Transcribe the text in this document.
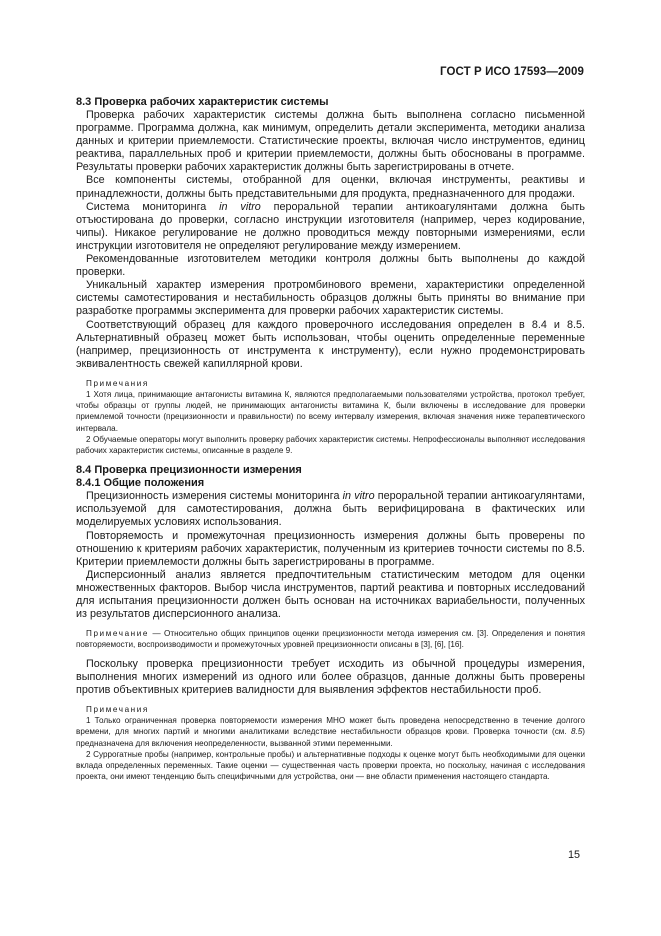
ГОСТ Р ИСО 17593—2009
8.3 Проверка рабочих характеристик системы

Проверка рабочих характеристик системы должна быть выполнена согласно письменной программе. Программа должна, как минимум, определить детали эксперимента, методики анализа данных и критерии приемлемости. Статистические проекты, включая число инструментов, единиц реактива, параллельных проб и критерии приемлемости, должны быть обоснованы в программе. Результаты проверки рабочих характеристик должны быть зарегистрированы в отчете.

Все компоненты системы, отобранной для оценки, включая инструменты, реактивы и принадлежности, должны быть представительными для продукта, предназначенного для продажи.

Система мониторинга in vitro пероральной терапии антикоагулянтами должна быть отъюстирована до проверки, согласно инструкции изготовителя (например, через кодирование, чипы). Никакое регулирование не должно проводиться между повторными измерениями, если инструкции изготовителя не определяют регулирование между измерением.

Рекомендованные изготовителем методики контроля должны быть выполнены до каждой проверки.

Уникальный характер измерения протромбинового времени, характеристики определенной системы самотестирования и нестабильность образцов должны быть приняты во внимание при разработке программы эксперимента для проверки рабочих характеристик системы.

Соответствующий образец для каждого проверочного исследования определен в 8.4 и 8.5. Альтернативный образец может быть использован, чтобы оценить определенные переменные (например, прецизионность от инструмента к инструменту), если нужно продемонстрировать эквивалентность свежей капиллярной крови.

Примечания

1 Хотя лица, принимающие антагонисты витамина К, являются предполагаемыми пользователями устройства, протокол требует, чтобы образцы от группы людей, не принимающих антагонисты витамина К, были включены в исследование для проверки приемлемой точности (прецизионности и правильности) по всему интервалу измерения, включая значения ниже терапевтического интервала.

2 Обучаемые операторы могут выполнить проверку рабочих характеристик системы. Непрофессионалы выполняют исследования рабочих характеристик системы, описанные в разделе 9.

8.4 Проверка прецизионности измерения
8.4.1 Общие положения

Прецизионность измерения системы мониторинга in vitro пероральной терапии антикоагулянтами, используемой для самотестирования, должна быть верифицирована в фактических или моделируемых условиях использования.

Повторяемость и промежуточная прецизионность измерения должны быть проверены по отношению к критериям рабочих характеристик, полученным из критериев точности системы по 8.5. Критерии приемлемости должны быть зарегистрированы в программе.

Дисперсионный анализ является предпочтительным статистическим методом для оценки множественных факторов. Выбор числа инструментов, партий реактива и повторных исследований для испытания прецизионности должен быть основан на источниках вариабельности, полученных из результатов дисперсионного анализа.

Примечание — Относительно общих принципов оценки прецизионности метода измерения см. [3]. Определения и понятия повторяемости, воспроизводимости и промежуточных уровней прецизионности описаны в [3], [6], [16].

Поскольку проверка прецизионности требует исходить из обычной процедуры измерения, выполнения многих измерений из одного или более образцов, данные должны быть проверены против объективных критериев валидности для выявления эффектов нестабильности проб.

Примечания

1 Только ограниченная проверка повторяемости измерения МНО может быть проведена непосредственно в течение долгого времени, для многих партий и многими аналитиками вследствие нестабильности образцов крови. Проверка точности (см. 8.5) предназначена для включения неопределенности, вызванной этими переменными.

2 Суррогатные пробы (например, контрольные пробы) и альтернативные подходы к оценке могут быть необходимыми для оценки вклада определенных переменных. Такие оценки — существенная часть проверки проекта, но поскольку, начиная с исследования проекта, они имеют тенденцию быть специфичными для устройства, они — вне области применения настоящего стандарта.

15
